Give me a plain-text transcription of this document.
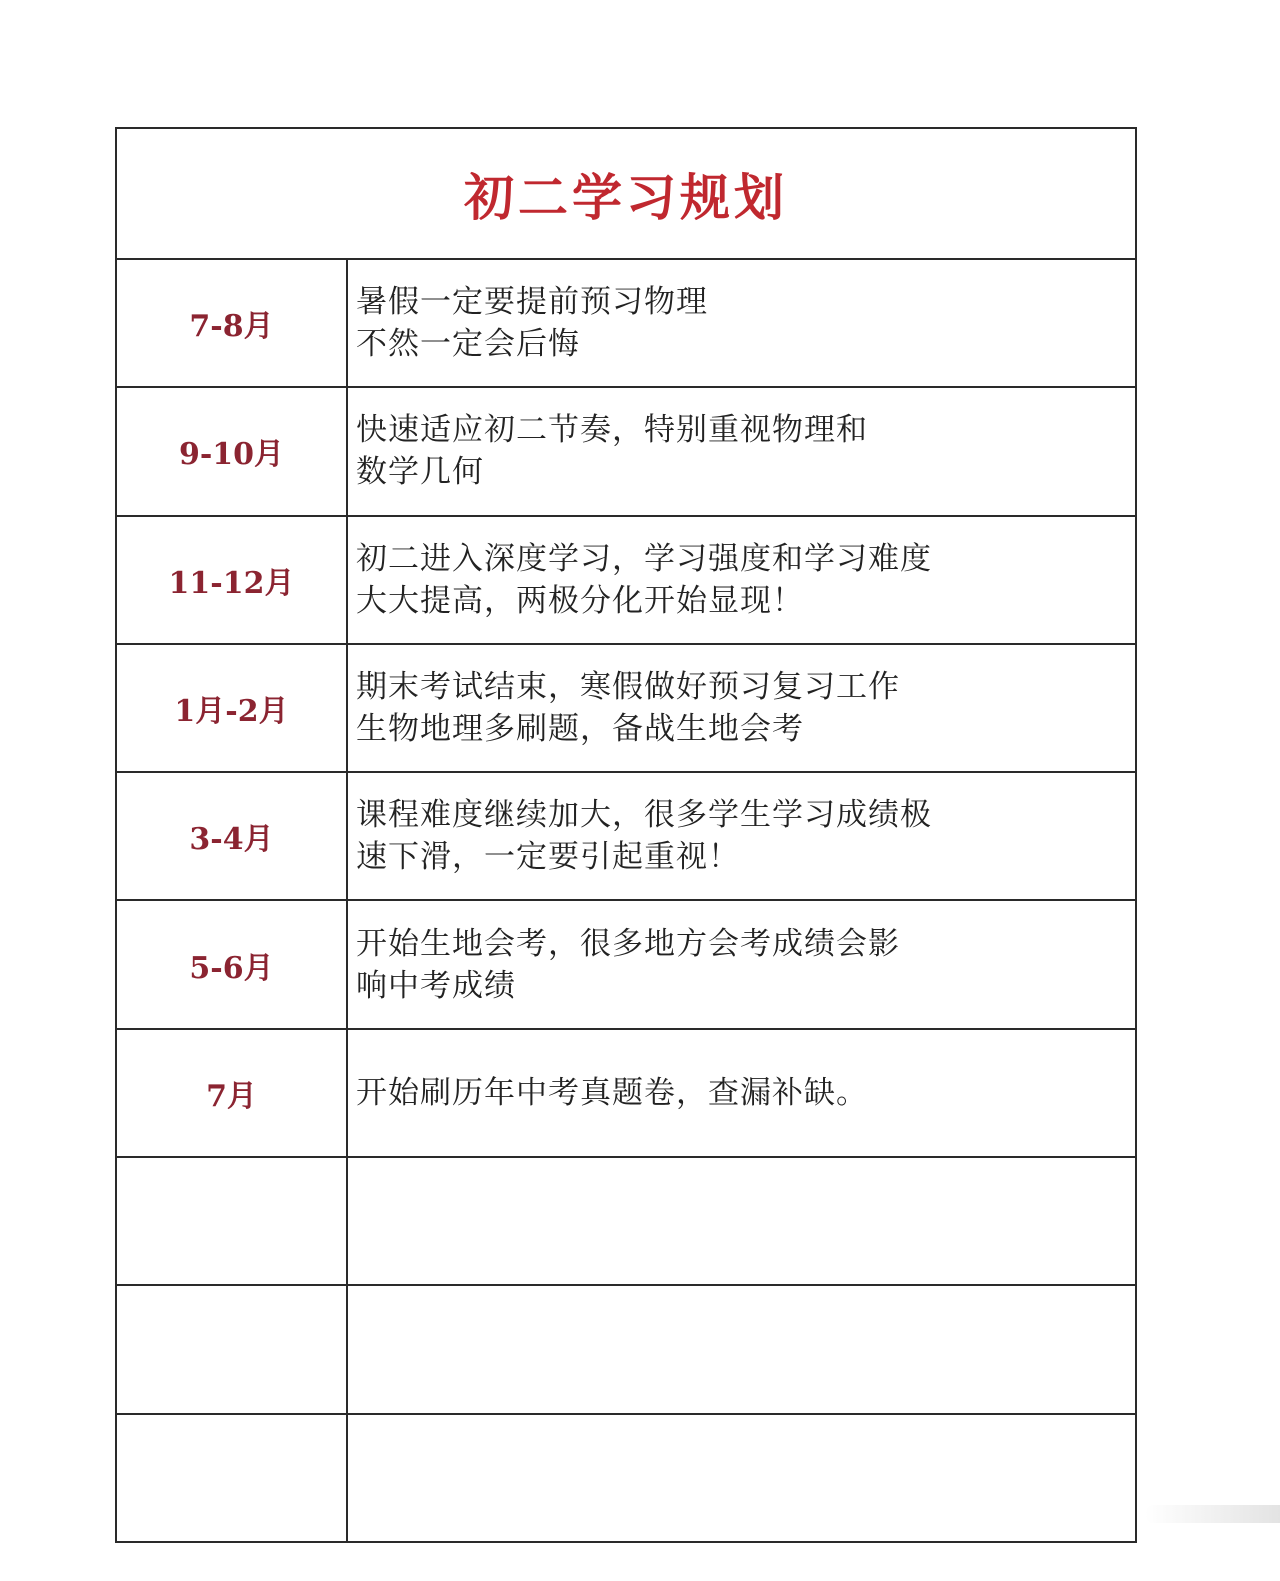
初二学习规划
7-8月
暑假一定要提前预习物理
不然一定会后悔
9-10月
快速适应初二节奏，特别重视物理和
数学几何
11-12月
初二进入深度学习，学习强度和学习难度
大大提高，两极分化开始显现！
1月-2月
期末考试结束，寒假做好预习复习工作
生物地理多刷题，备战生地会考
3-4月
课程难度继续加大，很多学生学习成绩极
速下滑，一定要引起重视！
5-6月
开始生地会考，很多地方会考成绩会影
响中考成绩
7月	开始刷历年中考真题卷，查漏补缺。
